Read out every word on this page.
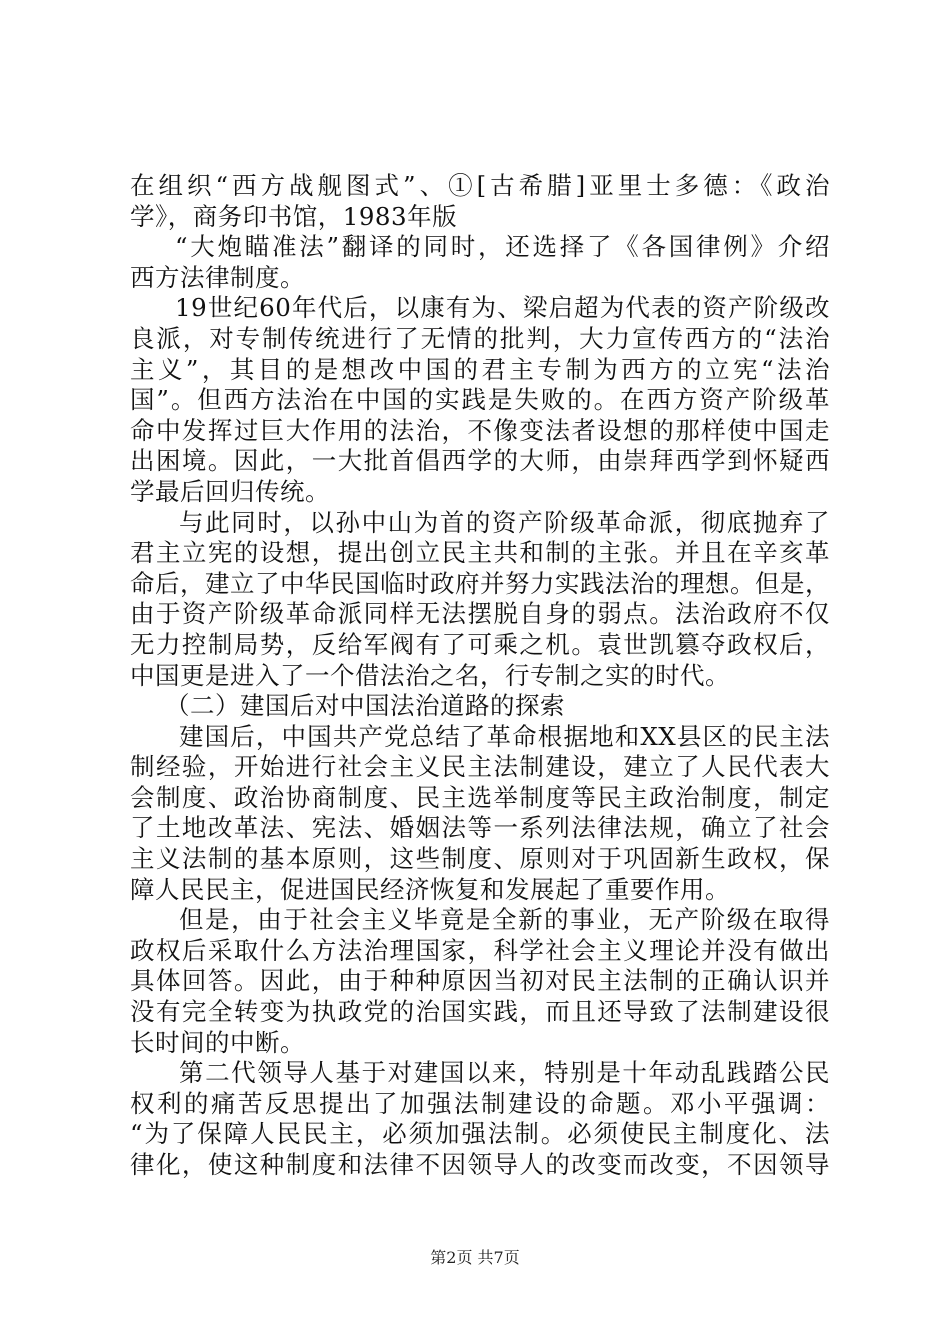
在组织“西方战舰图式”、①[古希腊]亚里士多德：《政治
学》，商务印书馆，1983年版
“大炮瞄准法”翻译的同时，还选择了《各国律例》介绍
西方法律制度。
19世纪60年代后，以康有为、梁启超为代表的资产阶级改
良派，对专制传统进行了无情的批判，大力宣传西方的“法治
主义”，其目的是想改中国的君主专制为西方的立宪“法治
国”。但西方法治在中国的实践是失败的。在西方资产阶级革
命中发挥过巨大作用的法治，不像变法者设想的那样使中国走
出困境。因此，一大批首倡西学的大师，由崇拜西学到怀疑西
学最后回归传统。
与此同时，以孙中山为首的资产阶级革命派，彻底抛弃了
君主立宪的设想，提出创立民主共和制的主张。并且在辛亥革
命后，建立了中华民国临时政府并努力实践法治的理想。但是，
由于资产阶级革命派同样无法摆脱自身的弱点。法治政府不仅
无力控制局势，反给军阀有了可乘之机。袁世凯篡夺政权后，
中国更是进入了一个借法治之名，行专制之实的时代。
（二）建国后对中国法治道路的探索
建国后，中国共产党总结了革命根据地和XX县区的民主法
制经验，开始进行社会主义民主法制建设，建立了人民代表大
会制度、政治协商制度、民主选举制度等民主政治制度，制定
了土地改革法、宪法、婚姻法等一系列法律法规，确立了社会
主义法制的基本原则，这些制度、原则对于巩固新生政权，保
障人民民主，促进国民经济恢复和发展起了重要作用。
但是，由于社会主义毕竟是全新的事业，无产阶级在取得
政权后采取什么方法治理国家，科学社会主义理论并没有做出
具体回答。因此，由于种种原因当初对民主法制的正确认识并
没有完全转变为执政党的治国实践，而且还导致了法制建设很
长时间的中断。
第二代领导人基于对建国以来，特别是十年动乱践踏公民
权利的痛苦反思提出了加强法制建设的命题。邓小平强调：
“为了保障人民民主，必须加强法制。必须使民主制度化、法
律化，使这种制度和法律不因领导人的改变而改变，不因领导
第2页 共7页
